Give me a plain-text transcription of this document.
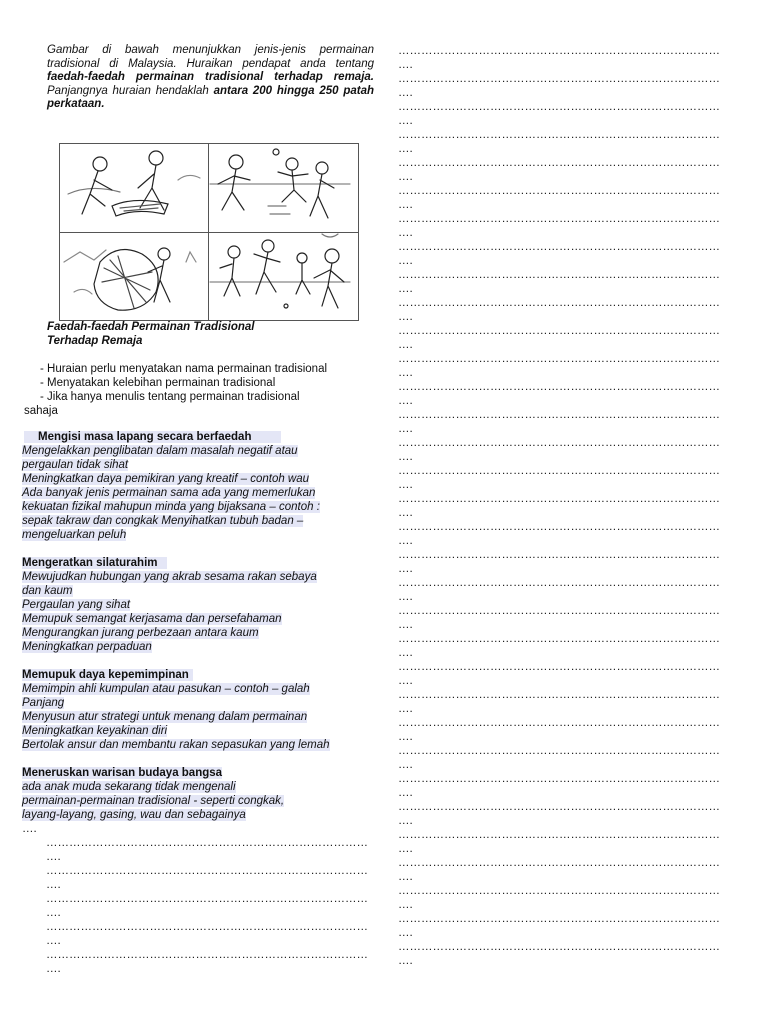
Gambar di bawah menunjukkan jenis-jenis permainan tradisional di Malaysia. Huraikan pendapat anda tentang faedah-faedah permainan tradisional terhadap remaja. Panjangnya huraian hendaklah antara 200 hingga 250 patah perkataan.
Faedah-faedah Permainan Tradisional
Terhadap Remaja
- Huraian perlu menyatakan nama permainan tradisional
- Menyatakan kelebihan permainan tradisional
- Jika hanya menulis tentang permainan tradisional
sahaja
Mengisi masa lapang secara berfaedah
Mengelakkan penglibatan dalam masalah negatif atau
pergaulan tidak sihat
Meningkatkan daya pemikiran yang kreatif – contoh wau
Ada banyak jenis permainan sama ada yang memerlukan
kekuatan fizikal mahupun minda yang bijaksana – contoh :
sepak takraw dan congkak Menyihatkan tubuh badan –
mengeluarkan peluh
Mengeratkan silaturahim
Mewujudkan hubungan yang akrab sesama rakan sebaya
dan kaum
Pergaulan yang sihat
Memupuk semangat kerjasama dan persefahaman
Mengurangkan jurang perbezaan antara kaum
Meningkatkan perpaduan
Memupuk daya kepemimpinan
Memimpin ahli kumpulan atau pasukan – contoh – galah
Panjang
Menyusun atur strategi untuk menang dalam permainan
Meningkatkan keyakinan diri
Bertolak ansur dan membantu rakan sepasukan yang lemah
Meneruskan warisan budaya bangsa
ada anak muda sekarang tidak mengenali
permainan-permainan tradisional - seperti congkak,
layang-layang, gasing, wau dan sebagainya
….
…………………………………………………………………………
….
…………………………………………………………………………
….
…………………………………………………………………………
….
…………………………………………………………………………
….
…………………………………………………………………………
….
…………………………………………………………………………
….
…………………………………………………………………………
….
…………………………………………………………………………
….
…………………………………………………………………………
….
…………………………………………………………………………
….
…………………………………………………………………………
….
…………………………………………………………………………
….
…………………………………………………………………………
….
…………………………………………………………………………
….
…………………………………………………………………………
….
…………………………………………………………………………
….
…………………………………………………………………………
….
…………………………………………………………………………
….
…………………………………………………………………………
….
…………………………………………………………………………
….
…………………………………………………………………………
….
…………………………………………………………………………
….
…………………………………………………………………………
….
…………………………………………………………………………
….
…………………………………………………………………………
….
…………………………………………………………………………
….
…………………………………………………………………………
….
…………………………………………………………………………
….
…………………………………………………………………………
….
…………………………………………………………………………
….
…………………………………………………………………………
….
…………………………………………………………………………
….
…………………………………………………………………………
….
…………………………………………………………………………
….
…………………………………………………………………………
….
…………………………………………………………………………
….
…………………………………………………………………………
….
…………………………………………………………………………
….
